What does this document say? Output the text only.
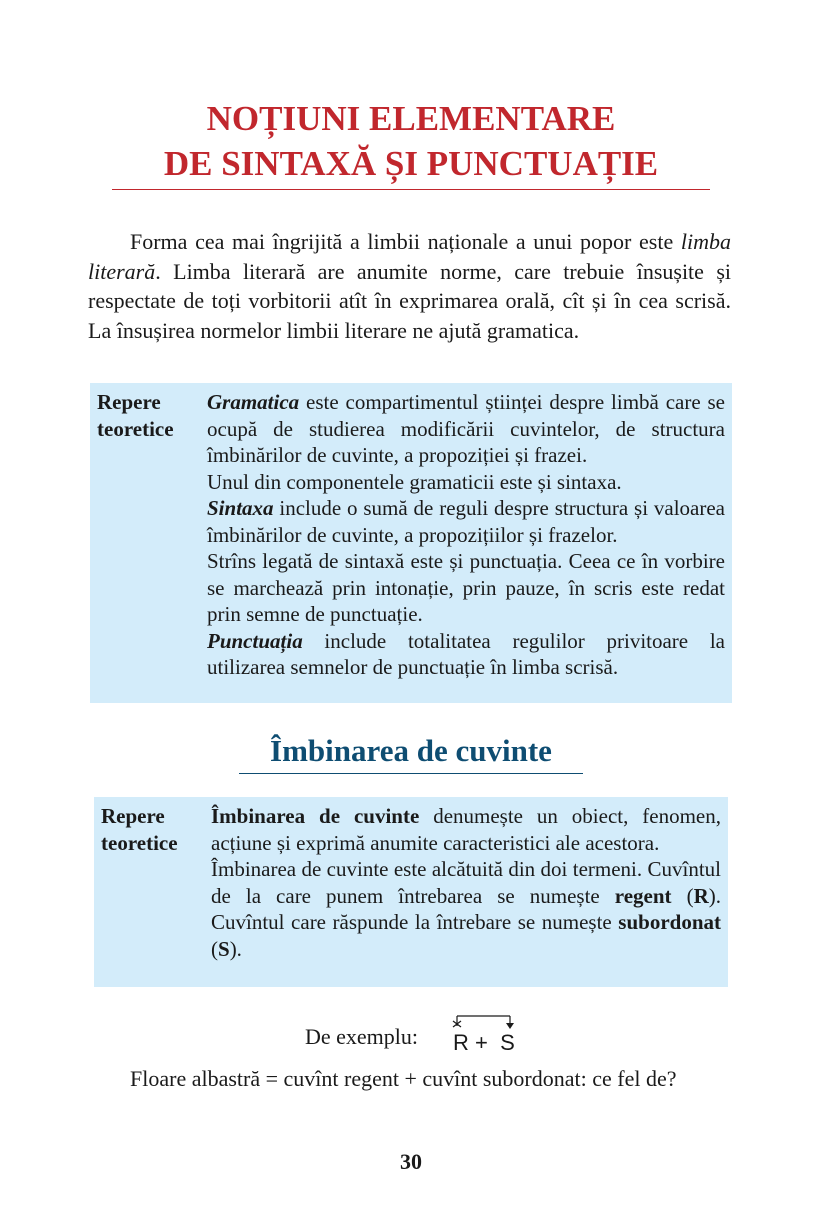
NOȚIUNI ELEMENTARE
DE SINTAXĂ ȘI PUNCTUAȚIE

Forma cea mai îngrijită a limbii naționale a unui popor este limba literară. Limba literară are anumite norme, care trebuie însușite și respectate de toți vorbitorii atît în exprimarea orală, cît și în cea scrisă. La însușirea normelor limbii literare ne ajută gramatica.

Repere
teoretice

Gramatica este compartimentul științei despre limbă care se ocupă de studierea modificării cuvintelor, de structura îmbinărilor de cuvinte, a propoziției și frazei.

Unul din componentele gramaticii este și sintaxa.

Sintaxa include o sumă de reguli despre structura și valoarea îmbinărilor de cuvinte, a propozițiilor și frazelor.

Strîns legată de sintaxă este și punctuația. Ceea ce în vorbire se marchează prin intonație, prin pauze, în scris este redat prin semne de punctuație.

Punctuația include totalitatea regulilor privitoare la utilizarea semnelor de punctuație în limba scrisă.

Îmbinarea de cuvinte
Repere
teoretice

Îmbinarea de cuvinte denumește un obiect, fenomen, acțiune și exprimă anumite caracteristici ale acestora.

Îmbinarea de cuvinte este alcătuită din doi termeni. Cuvîntul de la care punem întrebarea se numește regent (R). Cuvîntul care răspunde la întrebare se numește subordonat (S).

De exemplu: R +  S

Floare albastră = cuvînt regent + cuvînt subordonat: ce fel de?

30
